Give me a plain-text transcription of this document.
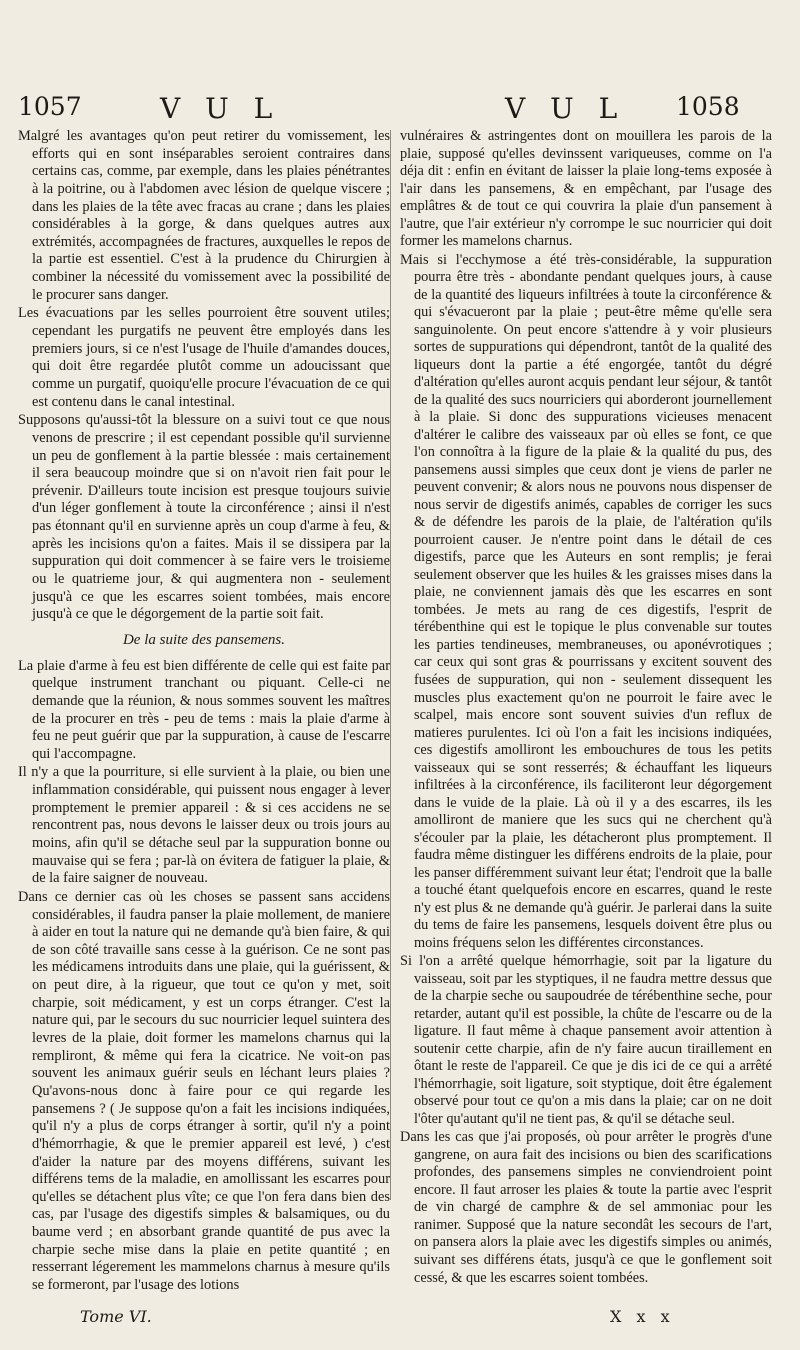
1057	V U L	V U L 1058

Malgré les avantages qu'on peut retirer du vomissement, les efforts qui en sont inséparables seroient contraires dans certains cas, comme, par exemple, dans les plaies pénétrantes à la poitrine, ou à l'abdomen avec lésion de quelque viscere ; dans les plaies de la tête avec fracas au crane ; dans les plaies considérables à la gorge, & dans quelques autres aux extrémités, accompagnées de fractures, auxquelles le repos de la partie est essentiel. C'est à la prudence du Chirurgien à combiner la nécessité du vomissement avec la possibilité de le procurer sans danger.

Les évacuations par les selles pourroient être souvent utiles; cependant les purgatifs ne peuvent être employés dans les premiers jours, si ce n'est l'usage de l'huile d'amandes douces, qui doit être regardée plutôt comme un adoucissant que comme un purgatif, quoiqu'elle procure l'évacuation de ce qui est contenu dans le canal intestinal.

Supposons qu'aussi-tôt la blessure on a suivi tout ce que nous venons de prescrire ; il est cependant possible qu'il survienne un peu de gonflement à la partie blessée : mais certainement il sera beaucoup moindre que si on n'avoit rien fait pour le prévenir. D'ailleurs toute incision est presque toujours suivie d'un léger gonflement à toute la circonférence ; ainsi il n'est pas étonnant qu'il en survienne après un coup d'arme à feu, & après les incisions qu'on a faites. Mais il se dissipera par la suppuration qui doit commencer à se faire vers le troisieme ou le quatrieme jour, & qui augmentera non - seulement jusqu'à ce que les escarres soient tombées, mais encore jusqu'à ce que le dégorgement de la partie soit fait.

De la suite des pansemens.

La plaie d'arme à feu est bien différente de celle qui est faite par quelque instrument tranchant ou piquant. Celle-ci ne demande que la réunion, & nous sommes souvent les maîtres de la procurer en très - peu de tems : mais la plaie d'arme à feu ne peut guérir que par la suppuration, à cause de l'escarre qui l'accompagne.

Il n'y a que la pourriture, si elle survient à la plaie, ou bien une inflammation considérable, qui puissent nous engager à lever promptement le premier appareil : & si ces accidens ne se rencontrent pas, nous devons le laisser deux ou trois jours au moins, afin qu'il se détache seul par la suppuration bonne ou mauvaise qui se fera ; par-là on évitera de fatiguer la plaie, & de la faire saigner de nouveau.

Dans ce dernier cas où les choses se passent sans accidens considérables, il faudra panser la plaie mollement, de maniere à aider en tout la nature qui ne demande qu'à bien faire, & qui de son côté travaille sans cesse à la guérison. Ce ne sont pas les médicamens introduits dans une plaie, qui la guérissent, & on peut dire, à la rigueur, que tout ce qu'on y met, soit charpie, soit médicament, y est un corps étranger. C'est la nature qui, par le secours du suc nourricier lequel suintera des levres de la plaie, doit former les mamelons charnus qui la rempliront, & même qui fera la cicatrice. Ne voit-on pas souvent les animaux guérir seuls en léchant leurs plaies ? Qu'avons-nous donc à faire pour ce qui regarde les pansemens ? ( Je suppose qu'on a fait les incisions indiquées, qu'il n'y a plus de corps étranger à sortir, qu'il n'y a point d'hémorrhagie, & que le premier appareil est levé, ) c'est d'aider la nature par des moyens différens, suivant les différens tems de la maladie, en amollissant les escarres pour qu'elles se détachent plus vîte; ce que l'on fera dans bien des cas, par l'usage des digestifs simples & balsamiques, ou du baume verd ; en absorbant grande quantité de pus avec la charpie seche mise dans la plaie en petite quantité ; en resserrant légerement les mammelons charnus à mesure qu'ils se formeront, par l'usage des lotions

vulnéraires & astringentes dont on mouillera les parois de la plaie, supposé qu'elles devinssent variqueuses, comme on l'a déja dit : enfin en évitant de laisser la plaie long-tems exposée à l'air dans les pansemens, & en empêchant, par l'usage des emplâtres & de tout ce qui couvrira la plaie d'un pansement à l'autre, que l'air extérieur n'y corrompe le suc nourricier qui doit former les mamelons charnus.

Mais si l'ecchymose a été très-considérable, la suppuration pourra être très - abondante pendant quelques jours, à cause de la quantité des liqueurs infiltrées à toute la circonférence & qui s'évacueront par la plaie ; peut-être même qu'elle sera sanguinolente. On peut encore s'attendre à y voir plusieurs sortes de suppurations qui dépendront, tantôt de la qualité des liqueurs dont la partie a été engorgée, tantôt du dégré d'altération qu'elles auront acquis pendant leur séjour, & tantôt de la qualité des sucs nourriciers qui aborderont journellement à la plaie. Si donc des suppurations vicieuses menacent d'altérer le calibre des vaisseaux par où elles se font, ce que l'on connoîtra à la figure de la plaie & la qualité du pus, des pansemens aussi simples que ceux dont je viens de parler ne peuvent convenir; & alors nous ne pouvons nous dispenser de nous servir de digestifs animés, capables de corriger les sucs & de défendre les parois de la plaie, de l'altération qu'ils pourroient causer. Je n'entre point dans le détail de ces digestifs, parce que les Auteurs en sont remplis; je ferai seulement observer que les huiles & les graisses mises dans la plaie, ne conviennent jamais dès que les escarres en sont tombées. Je mets au rang de ces digestifs, l'esprit de térébenthine qui est le topique le plus convenable sur toutes les parties tendineuses, membraneuses, ou aponévrotiques ; car ceux qui sont gras & pourrissans y excitent souvent des fusées de suppuration, qui non - seulement dissequent les muscles plus exactement qu'on ne pourroit le faire avec le scalpel, mais encore sont souvent suivies d'un reflux de matieres purulentes. Ici où l'on a fait les incisions indiquées, ces digestifs amolliront les embouchures de tous les petits vaisseaux qui se sont resserrés; & échauffant les liqueurs infiltrées à la circonférence, ils faciliteront leur dégorgement dans le vuide de la plaie. Là où il y a des escarres, ils les amolliront de maniere que les sucs qui ne cherchent qu'à s'écouler par la plaie, les détacheront plus promptement. Il faudra même distinguer les différens endroits de la plaie, pour les panser différemment suivant leur état; l'endroit que la balle a touché étant quelquefois encore en escarres, quand le reste n'y est plus & ne demande qu'à guérir. Je parlerai dans la suite du tems de faire les pansemens, lesquels doivent être plus ou moins fréquens selon les différentes circonstances.

Si l'on a arrêté quelque hémorrhagie, soit par la ligature du vaisseau, soit par les styptiques, il ne faudra mettre dessus que de la charpie seche ou saupoudrée de térébenthine seche, pour retarder, autant qu'il est possible, la chûte de l'escarre ou de la ligature. Il faut même à chaque pansement avoir attention à soutenir cette charpie, afin de n'y faire aucun tiraillement en ôtant le reste de l'appareil. Ce que je dis ici de ce qui a arrêté l'hémorrhagie, soit ligature, soit styptique, doit être également observé pour tout ce qu'on a mis dans la plaie; car on ne doit l'ôter qu'autant qu'il ne tient pas, & qu'il se détache seul.

Dans les cas que j'ai proposés, où pour arrêter le progrès d'une gangrene, on aura fait des incisions ou bien des scarifications profondes, des pansemens simples ne conviendroient point encore. Il faut arroser les plaies & toute la partie avec l'esprit de vin chargé de camphre & de sel ammoniac pour les ranimer. Supposé que la nature secondât les secours de l'art, on pansera alors la plaie avec les digestifs simples ou animés, suivant ses différens états, jusqu'à ce que le gonflement soit cessé, & que les escarres soient tombées.

Tome VI.	X x x
